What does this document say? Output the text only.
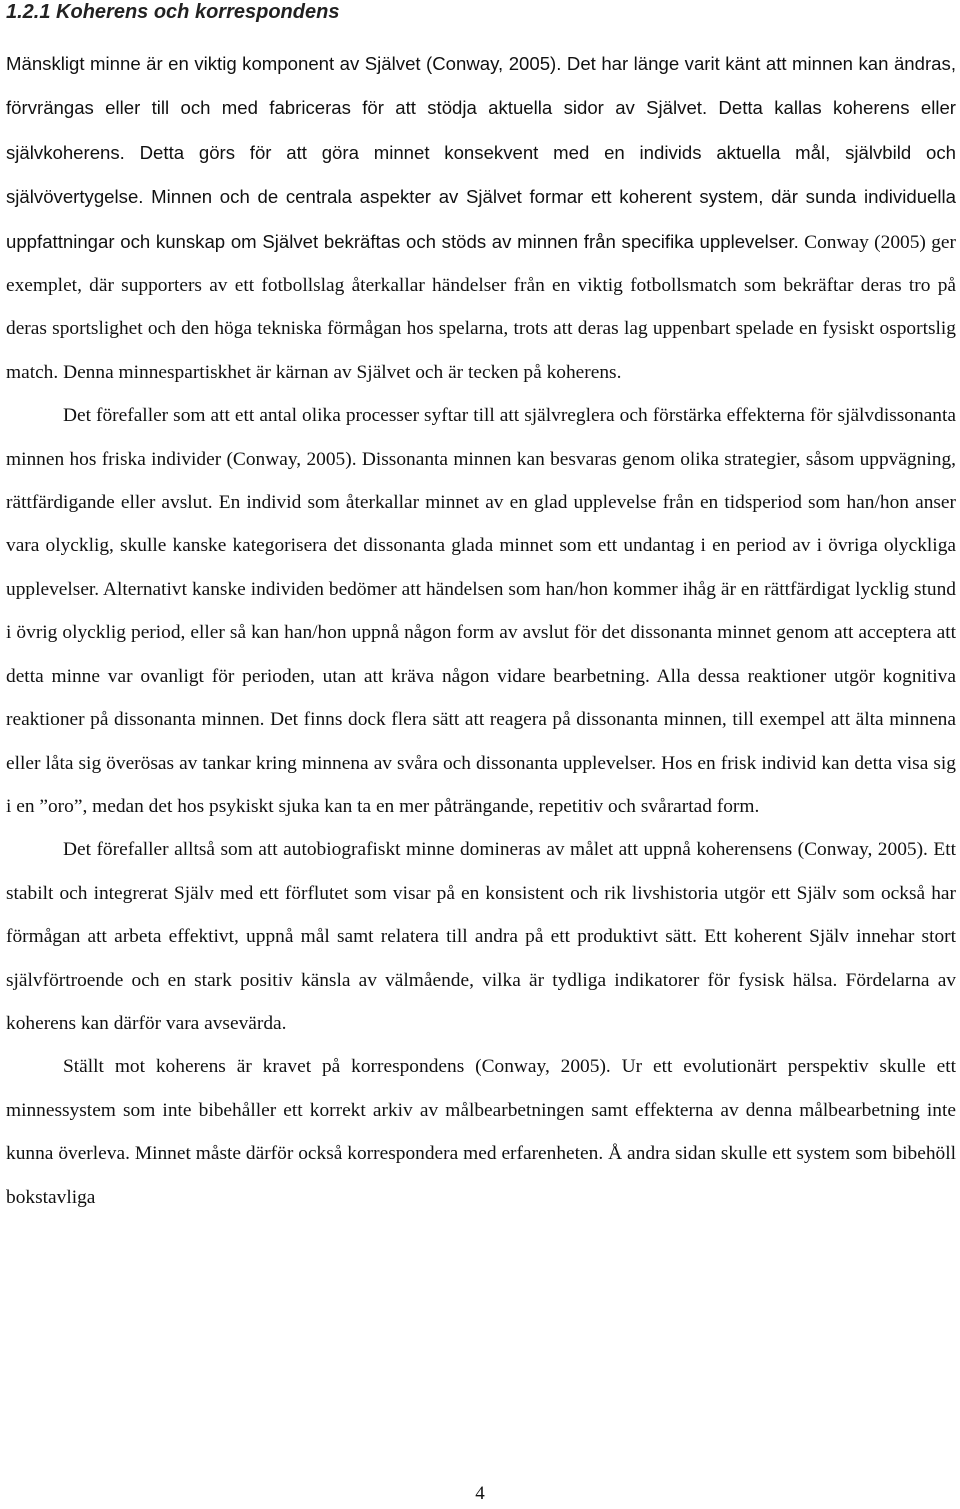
1.2.1 Koherens och korrespondens

Mänskligt minne är en viktig komponent av Självet (Conway, 2005). Det har länge varit känt att minnen kan ändras, förvrängas eller till och med fabriceras för att stödja aktuella sidor av Självet. Detta kallas koherens eller självkoherens. Detta görs för att göra minnet konsekvent med en individs aktuella mål, självbild och självövertygelse. Minnen och de centrala aspekter av Självet formar ett koherent system, där sunda individuella uppfattningar och kunskap om Självet bekräftas och stöds av minnen från specifika upplevelser. Conway (2005) ger exemplet, där supporters av ett fotbollslag återkallar händelser från en viktig fotbollsmatch som bekräftar deras tro på deras sportslighet och den höga tekniska förmågan hos spelarna, trots att deras lag uppenbart spelade en fysiskt osportslig match. Denna minnespartiskhet är kärnan av Självet och är tecken på koherens.

Det förefaller som att ett antal olika processer syftar till att självreglera och förstärka effekterna för självdissonanta minnen hos friska individer (Conway, 2005). Dissonanta minnen kan besvaras genom olika strategier, såsom uppvägning, rättfärdigande eller avslut. En individ som återkallar minnet av en glad upplevelse från en tidsperiod som han/hon anser vara olycklig, skulle kanske kategorisera det dissonanta glada minnet som ett undantag i en period av i övriga olyckliga upplevelser. Alternativt kanske individen bedömer att händelsen som han/hon kommer ihåg är en rättfärdigat lycklig stund i övrig olycklig period, eller så kan han/hon uppnå någon form av avslut för det dissonanta minnet genom att acceptera att detta minne var ovanligt för perioden, utan att kräva någon vidare bearbetning. Alla dessa reaktioner utgör kognitiva reaktioner på dissonanta minnen. Det finns dock flera sätt att reagera på dissonanta minnen, till exempel att älta minnena eller låta sig överösas av tankar kring minnena av svåra och dissonanta upplevelser. Hos en frisk individ kan detta visa sig i en ”oro”, medan det hos psykiskt sjuka kan ta en mer påträngande, repetitiv och svårartad form.

Det förefaller alltså som att autobiografiskt minne domineras av målet att uppnå koherensens (Conway, 2005). Ett stabilt och integrerat Själv med ett förflutet som visar på en konsistent och rik livshistoria utgör ett Själv som också har förmågan att arbeta effektivt, uppnå mål samt relatera till andra på ett produktivt sätt. Ett koherent Själv innehar stort självförtroende och en stark positiv känsla av välmående, vilka är tydliga indikatorer för fysisk hälsa. Fördelarna av koherens kan därför vara avsevärda.

Ställt mot koherens är kravet på korrespondens (Conway, 2005). Ur ett evolutionärt perspektiv skulle ett minnessystem som inte bibehåller ett korrekt arkiv av målbearbetningen samt effekterna av denna målbearbetning inte kunna överleva. Minnet måste därför också korrespondera med erfarenheten. Å andra sidan skulle ett system som bibehöll bokstavliga

4
